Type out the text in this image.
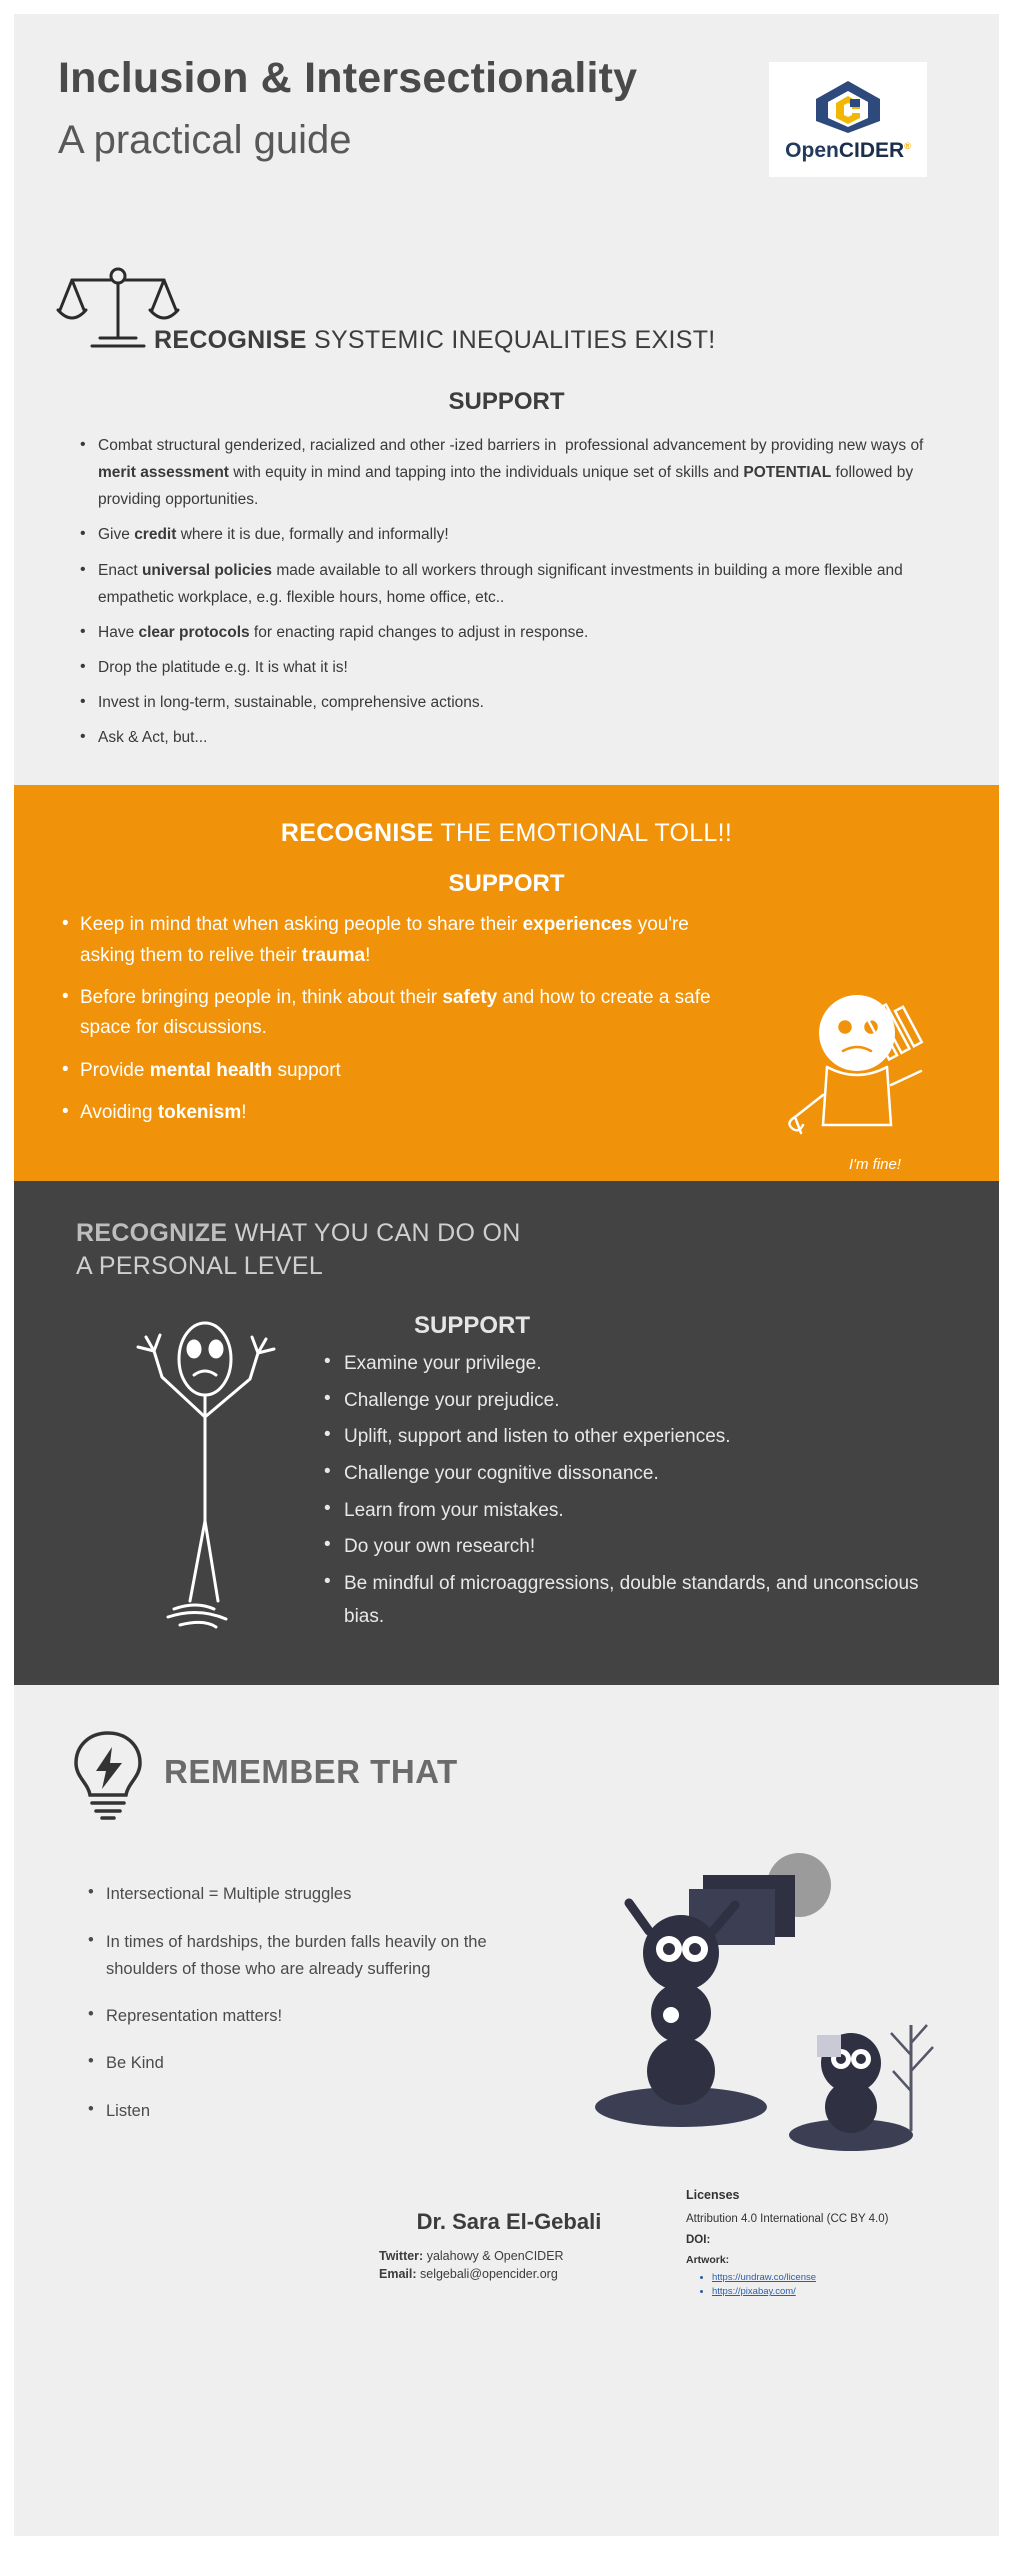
Inclusion & Intersectionality
A practical guide	OpenCIDER®
RECOGNISE SYSTEMIC INEQUALITIES EXIST!
SUPPORT
• Combat structural genderized, racialized and other -ized barriers in  professional advancement by providing new ways of merit assessment with equity in mind and tapping into the individuals unique set of skills and POTENTIAL followed by providing opportunities.
• Give credit where it is due, formally and informally!
• Enact universal policies made available to all workers through significant investments in building a more flexible and empathetic workplace, e.g. flexible hours, home office, etc..
• Have clear protocols for enacting rapid changes to adjust in response.
• Drop the platitude e.g. It is what it is!
• Invest in long-term, sustainable, comprehensive actions.
• Ask & Act, but...
RECOGNISE THE EMOTIONAL TOLL!!
SUPPORT
• Keep in mind that when asking people to share their experiences you're asking them to relive their trauma!
• Before bringing people in, think about their safety and how to create a safe space for discussions.
• Provide mental health support
• Avoiding tokenism!
I'm fine!
RECOGNIZE WHAT YOU CAN DO ON
A PERSONAL LEVEL
SUPPORT
• Examine your privilege.
• Challenge your prejudice.
• Uplift, support and listen to other experiences.
• Challenge your cognitive dissonance.
• Learn from your mistakes.
• Do your own research!
• Be mindful of microaggressions, double standards, and unconscious bias.
REMEMBER THAT
• Intersectional = Multiple struggles
• In times of hardships, the burden falls heavily on the shoulders of those who are already suffering
• Representation matters!
• Be Kind
• Listen
Dr. Sara El-Gebali
Twitter: yalahowy & OpenCIDER
Email: selgebali@opencider.org
Licenses
Attribution 4.0 International (CC BY 4.0)
DOI:
Artwork:
• https://undraw.co/license
• https://pixabay.com/
